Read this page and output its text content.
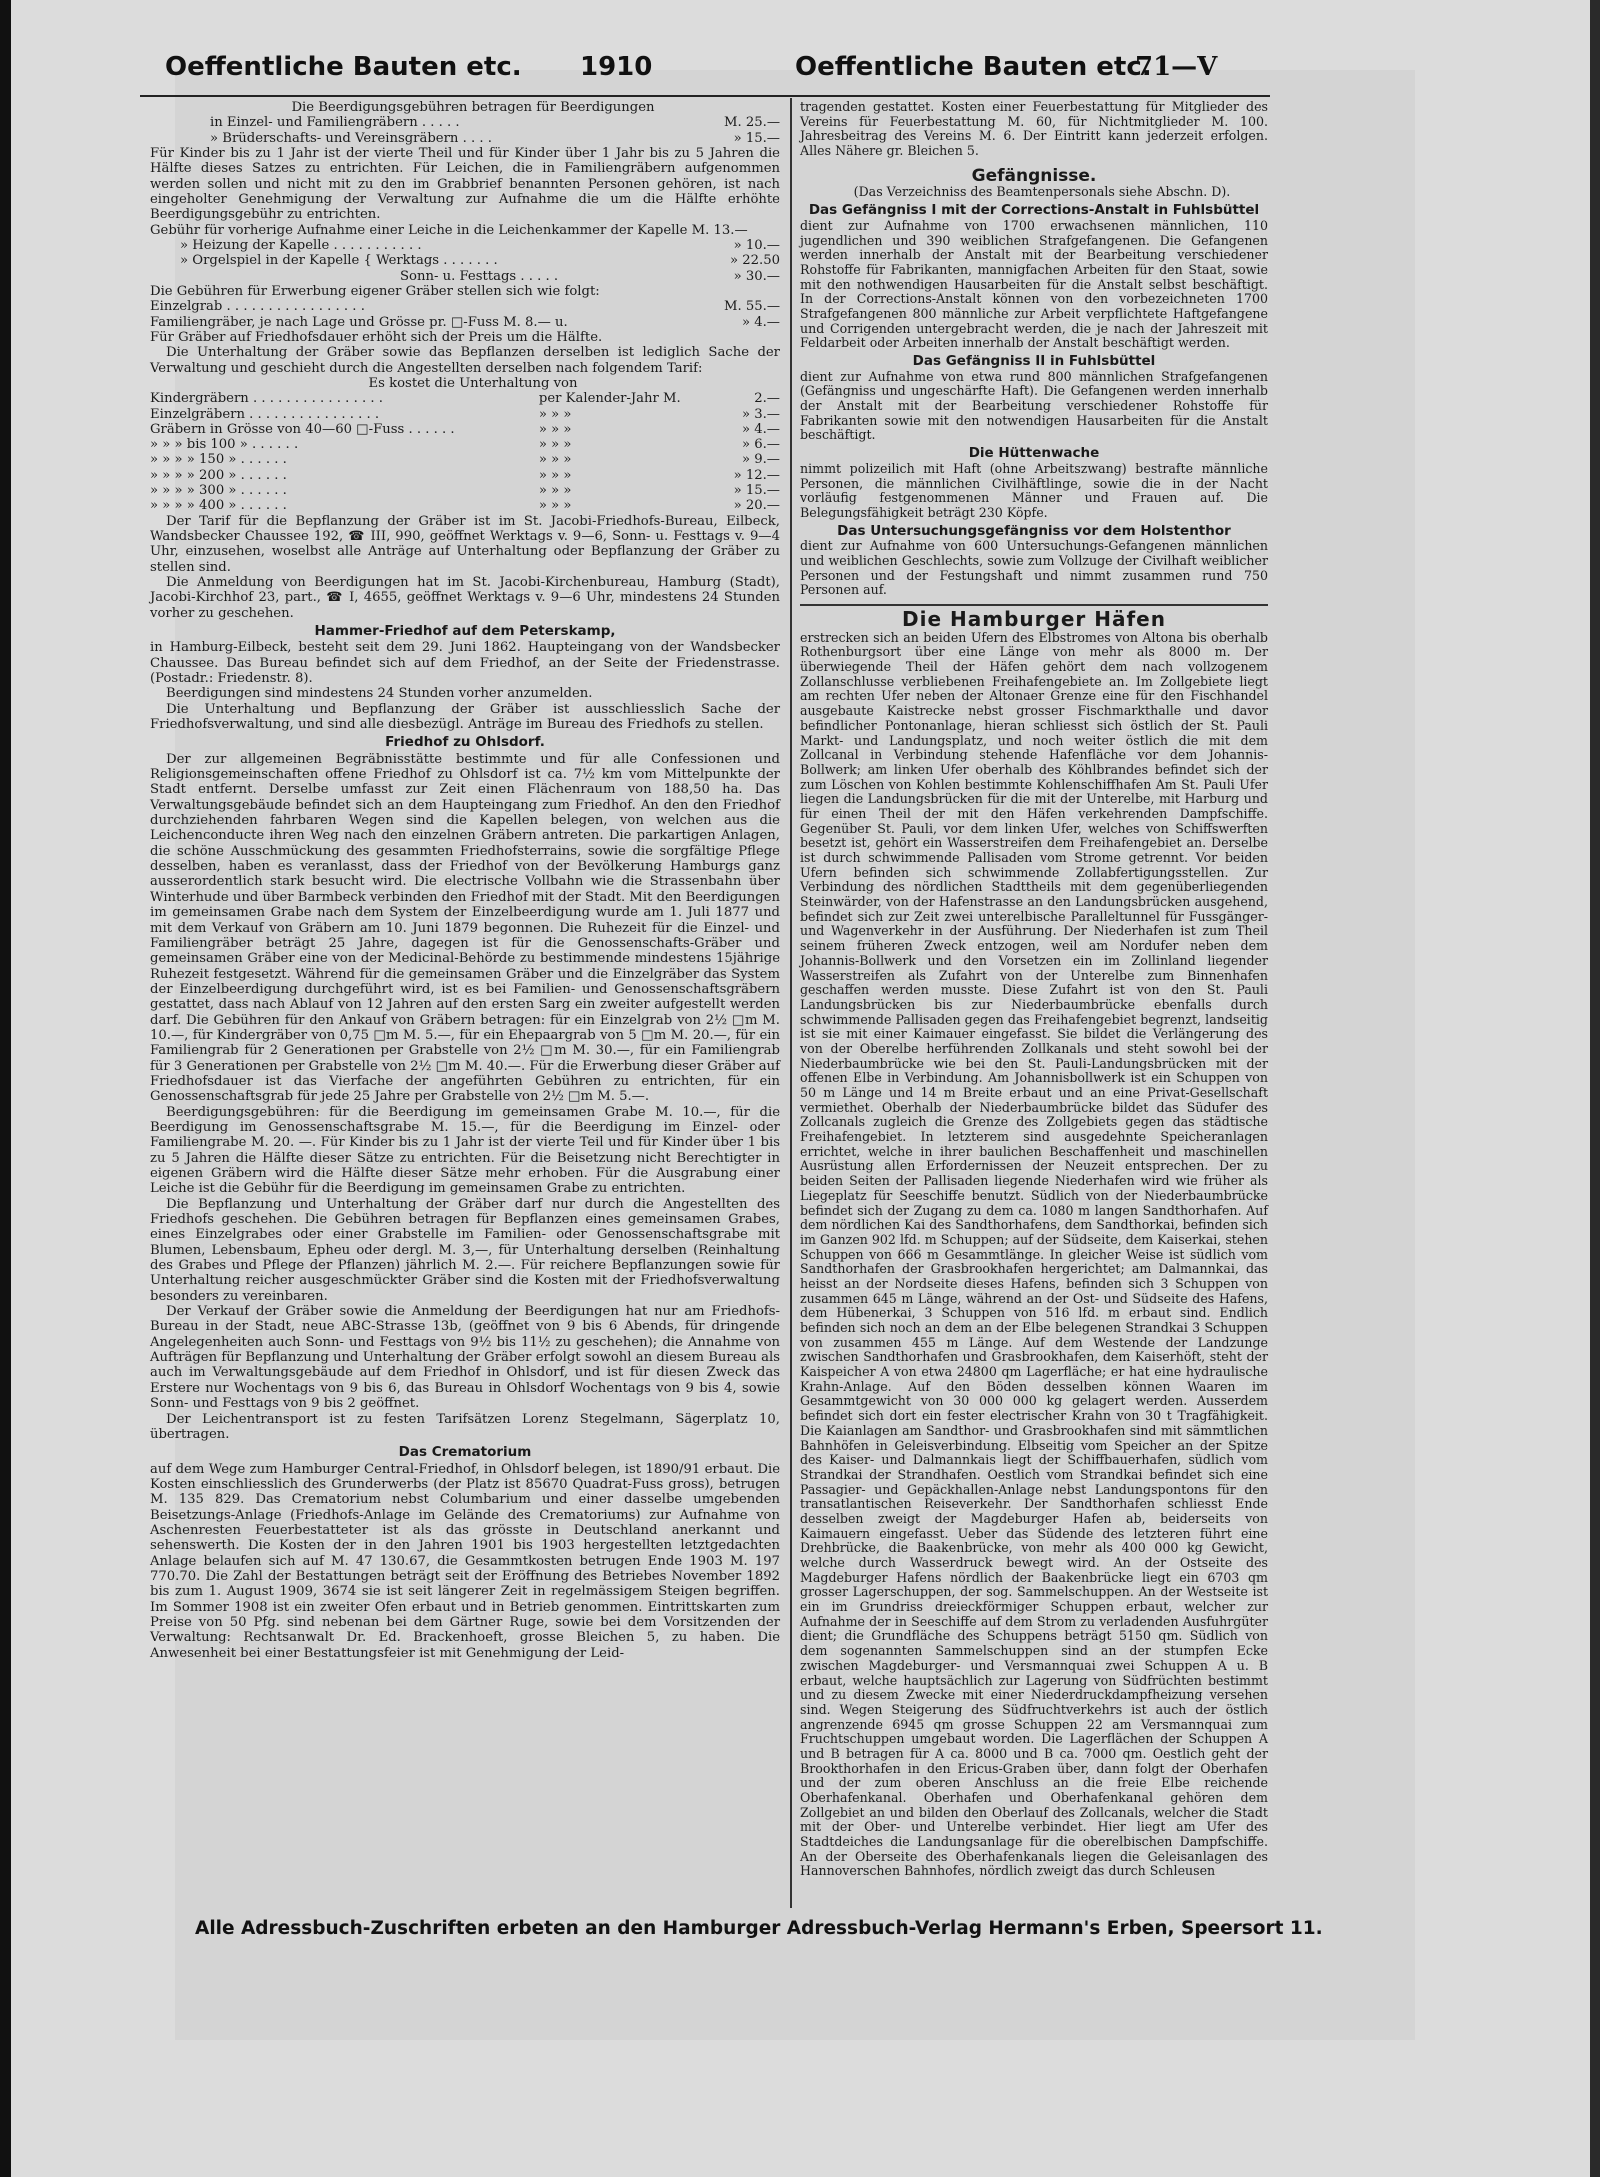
Oeffentliche Bauten etc. 1910	Oeffentliche Bauten etc.
71—V

Die Beerdigungsgebühren betragen für Beerdigungen

in Einzel- und Familiengräbern . . . . .	M. 25.—
» Brüderschafts- und Vereinsgräbern . . . .	» 15.—

Für Kinder bis zu 1 Jahr ist der vierte Theil und für Kinder über 1 Jahr bis zu 5 Jahren die Hälfte dieses Satzes zu entrichten. Für Leichen, die in Familiengräbern aufgenommen werden sollen und nicht mit zu den im Grabbrief benannten Personen gehören, ist nach eingeholter Genehmigung der Verwaltung zur Aufnahme die um die Hälfte erhöhte Beerdigungsgebühr zu entrichten.

Gebühr für vorherige Aufnahme einer Leiche in die Leichenkammer der Kapelle M. 13.—

» Heizung der Kapelle . . . . . . . . . . .	» 10.—
» Orgelspiel in der Kapelle { Werktags . . . . . . .	» 22.50
Sonn- u. Festtags . . . . .	» 30.—

Die Gebühren für Erwerbung eigener Gräber stellen sich wie folgt:

Einzelgrab . . . . . . . . . . . . . . . . .	M. 55.—
Familiengräber, je nach Lage und Grösse pr. □-Fuss M. 8.— u.	» 4.—

Für Gräber auf Friedhofsdauer erhöht sich der Preis um die Hälfte.

Die Unterhaltung der Gräber sowie das Bepflanzen derselben ist lediglich Sache der Verwaltung und geschieht durch die Angestellten derselben nach folgendem Tarif:

Es kostet die Unterhaltung von

Kindergräbern . . . . . . . . . . . . . . . .	per Kalender-Jahr M.	2.—
Einzelgräbern . . . . . . . . . . . . . . . .	» » »	» 3.—
Gräbern in Grösse von 40—60 □-Fuss . . . . . .	» » »	» 4.—
» » » bis 100 » . . . . . .	» » »	» 6.—
» » » » 150 » . . . . . .	» » »	» 9.—
» » » » 200 » . . . . . .	» » »	» 12.—
» » » » 300 » . . . . . .	» » »	» 15.—
» » » » 400 » . . . . . .	» » »	» 20.—

Der Tarif für die Bepflanzung der Gräber ist im St. Jacobi-Friedhofs-Bureau, Eilbeck, Wandsbecker Chaussee 192, ☎ III, 990, geöffnet Werktags v. 9—6, Sonn- u. Festtags v. 9—4 Uhr, einzusehen, woselbst alle Anträge auf Unterhaltung oder Bepflanzung der Gräber zu stellen sind.

Die Anmeldung von Beerdigungen hat im St. Jacobi-Kirchenbureau, Hamburg (Stadt), Jacobi-Kirchhof 23, part., ☎ I, 4655, geöffnet Werktags v. 9—6 Uhr, mindestens 24 Stunden vorher zu geschehen.

Hammer-Friedhof auf dem Peterskamp,

in Hamburg-Eilbeck, besteht seit dem 29. Juni 1862. Haupteingang von der Wandsbecker Chaussee. Das Bureau befindet sich auf dem Friedhof, an der Seite der Friedenstrasse. (Postadr.: Friedenstr. 8).

Beerdigungen sind mindestens 24 Stunden vorher anzumelden.

Die Unterhaltung und Bepflanzung der Gräber ist ausschliesslich Sache der Friedhofsverwaltung, und sind alle diesbezügl. Anträge im Bureau des Friedhofs zu stellen.

Friedhof zu Ohlsdorf.

Der zur allgemeinen Begräbnisstätte bestimmte und für alle Confessionen und Religionsgemeinschaften offene Friedhof zu Ohlsdorf ist ca. 7½ km vom Mittelpunkte der Stadt entfernt. Derselbe umfasst zur Zeit einen Flächenraum von 188,50 ha. Das Verwaltungsgebäude befindet sich an dem Haupteingang zum Friedhof. An den den Friedhof durchziehenden fahrbaren Wegen sind die Kapellen belegen, von welchen aus die Leichenconducte ihren Weg nach den einzelnen Gräbern antreten. Die parkartigen Anlagen, die schöne Ausschmückung des gesammten Friedhofsterrains, sowie die sorgfältige Pflege desselben, haben es veranlasst, dass der Friedhof von der Bevölkerung Hamburgs ganz ausserordentlich stark besucht wird. Die electrische Vollbahn wie die Strassenbahn über Winterhude und über Barmbeck verbinden den Friedhof mit der Stadt. Mit den Beerdigungen im gemeinsamen Grabe nach dem System der Einzelbeerdigung wurde am 1. Juli 1877 und mit dem Verkauf von Gräbern am 10. Juni 1879 begonnen. Die Ruhezeit für die Einzel- und Familiengräber beträgt 25 Jahre, dagegen ist für die Genossenschafts-Gräber und gemeinsamen Gräber eine von der Medicinal-Behörde zu bestimmende mindestens 15jährige Ruhezeit festgesetzt. Während für die gemeinsamen Gräber und die Einzelgräber das System der Einzelbeerdigung durchgeführt wird, ist es bei Familien- und Genossenschaftsgräbern gestattet, dass nach Ablauf von 12 Jahren auf den ersten Sarg ein zweiter aufgestellt werden darf. Die Gebühren für den Ankauf von Gräbern betragen: für ein Einzelgrab von 2½ □m M. 10.—, für Kindergräber von 0,75 □m M. 5.—, für ein Ehepaargrab von 5 □m M. 20.—, für ein Familiengrab für 2 Generationen per Grabstelle von 2½ □m M. 30.—, für ein Familiengrab für 3 Generationen per Grabstelle von 2½ □m M. 40.—. Für die Erwerbung dieser Gräber auf Friedhofsdauer ist das Vierfache der angeführten Gebühren zu entrichten, für ein Genossenschaftsgrab für jede 25 Jahre per Grabstelle von 2½ □m M. 5.—.

Beerdigungsgebühren: für die Beerdigung im gemeinsamen Grabe M. 10.—, für die Beerdigung im Genossenschaftsgrabe M. 15.—, für die Beerdigung im Einzel- oder Familiengrabe M. 20. —. Für Kinder bis zu 1 Jahr ist der vierte Teil und für Kinder über 1 bis zu 5 Jahren die Hälfte dieser Sätze zu entrichten. Für die Beisetzung nicht Berechtigter in eigenen Gräbern wird die Hälfte dieser Sätze mehr erhoben. Für die Ausgrabung einer Leiche ist die Gebühr für die Beerdigung im gemeinsamen Grabe zu entrichten.

Die Bepflanzung und Unterhaltung der Gräber darf nur durch die Angestellten des Friedhofs geschehen. Die Gebühren betragen für Bepflanzen eines gemeinsamen Grabes, eines Einzelgrabes oder einer Grabstelle im Familien- oder Genossenschaftsgrabe mit Blumen, Lebensbaum, Epheu oder dergl. M. 3,—, für Unterhaltung derselben (Reinhaltung des Grabes und Pflege der Pflanzen) jährlich M. 2.—. Für reichere Bepflanzungen sowie für Unterhaltung reicher ausgeschmückter Gräber sind die Kosten mit der Friedhofsverwaltung besonders zu vereinbaren.

Der Verkauf der Gräber sowie die Anmeldung der Beerdigungen hat nur am Friedhofs-Bureau in der Stadt, neue ABC-Strasse 13b, (geöffnet von 9 bis 6 Abends, für dringende Angelegenheiten auch Sonn- und Festtags von 9½ bis 11½ zu geschehen); die Annahme von Aufträgen für Bepflanzung und Unterhaltung der Gräber erfolgt sowohl an diesem Bureau als auch im Verwaltungsgebäude auf dem Friedhof in Ohlsdorf, und ist für diesen Zweck das Erstere nur Wochentags von 9 bis 6, das Bureau in Ohlsdorf Wochentags von 9 bis 4, sowie Sonn- und Festtags von 9 bis 2 geöffnet.

Der Leichentransport ist zu festen Tarifsätzen Lorenz Stegelmann, Sägerplatz 10, übertragen.

Das Crematorium

auf dem Wege zum Hamburger Central-Friedhof, in Ohlsdorf belegen, ist 1890/91 erbaut. Die Kosten einschliesslich des Grunderwerbs (der Platz ist 85670 Quadrat-Fuss gross), betrugen M. 135 829. Das Crematorium nebst Columbarium und einer dasselbe umgebenden Beisetzungs-Anlage (Friedhofs-Anlage im Gelände des Crematoriums) zur Aufnahme von Aschenresten Feuerbestatteter ist als das grösste in Deutschland anerkannt und sehenswerth. Die Kosten der in den Jahren 1901 bis 1903 hergestellten letztgedachten Anlage belaufen sich auf M. 47 130.67, die Gesammtkosten betrugen Ende 1903 M. 197 770.70. Die Zahl der Bestattungen beträgt seit der Eröffnung des Betriebes November 1892 bis zum 1. August 1909, 3674 sie ist seit längerer Zeit in regelmässigem Steigen begriffen. Im Sommer 1908 ist ein zweiter Ofen erbaut und in Betrieb genommen. Eintrittskarten zum Preise von 50 Pfg. sind nebenan bei dem Gärtner Ruge, sowie bei dem Vorsitzenden der Verwaltung: Rechtsanwalt Dr. Ed. Brackenhoeft, grosse Bleichen 5, zu haben. Die Anwesenheit bei einer Bestattungsfeier ist mit Genehmigung der Leid-

tragenden gestattet. Kosten einer Feuerbestattung für Mitglieder des Vereins für Feuerbestattung M. 60, für Nichtmitglieder M. 100. Jahresbeitrag des Vereins M. 6. Der Eintritt kann jederzeit erfolgen. Alles Nähere gr. Bleichen 5.

Gefängnisse.

(Das Verzeichniss des Beamtenpersonals siehe Abschn. D).

Das Gefängniss I mit der Corrections-Anstalt in Fuhlsbüttel

dient zur Aufnahme von 1700 erwachsenen männlichen, 110 jugendlichen und 390 weiblichen Strafgefangenen. Die Gefangenen werden innerhalb der Anstalt mit der Bearbeitung verschiedener Rohstoffe für Fabrikanten, mannigfachen Arbeiten für den Staat, sowie mit den nothwendigen Hausarbeiten für die Anstalt selbst beschäftigt. In der Corrections-Anstalt können von den vorbezeichneten 1700 Strafgefangenen 800 männliche zur Arbeit verpflichtete Haftgefangene und Corrigenden untergebracht werden, die je nach der Jahreszeit mit Feldarbeit oder Arbeiten innerhalb der Anstalt beschäftigt werden.

Das Gefängniss II in Fuhlsbüttel

dient zur Aufnahme von etwa rund 800 männlichen Strafgefangenen (Gefängniss und ungeschärfte Haft). Die Gefangenen werden innerhalb der Anstalt mit der Bearbeitung verschiedener Rohstoffe für Fabrikanten sowie mit den notwendigen Hausarbeiten für die Anstalt beschäftigt.

Die Hüttenwache

nimmt polizeilich mit Haft (ohne Arbeitszwang) bestrafte männliche Personen, die männlichen Civilhäftlinge, sowie die in der Nacht vorläufig festgenommenen Männer und Frauen auf. Die Belegungsfähigkeit beträgt 230 Köpfe.

Das Untersuchungsgefängniss vor dem Holstenthor

dient zur Aufnahme von 600 Untersuchungs-Gefangenen männlichen und weiblichen Geschlechts, sowie zum Vollzuge der Civilhaft weiblicher Personen und der Festungshaft und nimmt zusammen rund 750 Personen auf.

Die Hamburger Häfen

erstrecken sich an beiden Ufern des Elbstromes von Altona bis oberhalb Rothenburgsort über eine Länge von mehr als 8000 m. Der überwiegende Theil der Häfen gehört dem nach vollzogenem Zollanschlusse verbliebenen Freihafengebiete an. Im Zollgebiete liegt am rechten Ufer neben der Altonaer Grenze eine für den Fischhandel ausgebaute Kaistrecke nebst grosser Fischmarkthalle und davor befindlicher Pontonanlage, hieran schliesst sich östlich der St. Pauli Markt- und Landungsplatz, und noch weiter östlich die mit dem Zollcanal in Verbindung stehende Hafenfläche vor dem Johannis-Bollwerk; am linken Ufer oberhalb des Köhlbrandes befindet sich der zum Löschen von Kohlen bestimmte Kohlenschiffhafen Am St. Pauli Ufer liegen die Landungsbrücken für die mit der Unterelbe, mit Harburg und für einen Theil der mit den Häfen verkehrenden Dampfschiffe. Gegenüber St. Pauli, vor dem linken Ufer, welches von Schiffswerften besetzt ist, gehört ein Wasserstreifen dem Freihafengebiet an. Derselbe ist durch schwimmende Pallisaden vom Strome getrennt. Vor beiden Ufern befinden sich schwimmende Zollabfertigungsstellen. Zur Verbindung des nördlichen Stadttheils mit dem gegenüberliegenden Steinwärder, von der Hafenstrasse an den Landungsbrücken ausgehend, befindet sich zur Zeit zwei unterelbische Paralleltunnel für Fussgänger- und Wagenverkehr in der Ausführung. Der Niederhafen ist zum Theil seinem früheren Zweck entzogen, weil am Nordufer neben dem Johannis-Bollwerk und den Vorsetzen ein im Zollinland liegender Wasserstreifen als Zufahrt von der Unterelbe zum Binnenhafen geschaffen werden musste. Diese Zufahrt ist von den St. Pauli Landungsbrücken bis zur Niederbaumbrücke ebenfalls durch schwimmende Pallisaden gegen das Freihafengebiet begrenzt, landseitig ist sie mit einer Kaimauer eingefasst. Sie bildet die Verlängerung des von der Oberelbe herführenden Zollkanals und steht sowohl bei der Niederbaumbrücke wie bei den St. Pauli-Landungsbrücken mit der offenen Elbe in Verbindung. Am Johannisbollwerk ist ein Schuppen von 50 m Länge und 14 m Breite erbaut und an eine Privat-Gesellschaft vermiethet. Oberhalb der Niederbaumbrücke bildet das Südufer des Zollcanals zugleich die Grenze des Zollgebiets gegen das städtische Freihafengebiet. In letzterem sind ausgedehnte Speicheranlagen errichtet, welche in ihrer baulichen Beschaffenheit und maschinellen Ausrüstung allen Erfordernissen der Neuzeit entsprechen. Der zu beiden Seiten der Pallisaden liegende Niederhafen wird wie früher als Liegeplatz für Seeschiffe benutzt. Südlich von der Niederbaumbrücke befindet sich der Zugang zu dem ca. 1080 m langen Sandthorhafen. Auf dem nördlichen Kai des Sandthorhafens, dem Sandthorkai, befinden sich im Ganzen 902 lfd. m Schuppen; auf der Südseite, dem Kaiserkai, stehen Schuppen von 666 m Gesammtlänge. In gleicher Weise ist südlich vom Sandthorhafen der Grasbrookhafen hergerichtet; am Dalmannkai, das heisst an der Nordseite dieses Hafens, befinden sich 3 Schuppen von zusammen 645 m Länge, während an der Ost- und Südseite des Hafens, dem Hübenerkai, 3 Schuppen von 516 lfd. m erbaut sind. Endlich befinden sich noch an dem an der Elbe belegenen Strandkai 3 Schuppen von zusammen 455 m Länge. Auf dem Westende der Landzunge zwischen Sandthorhafen und Grasbrookhafen, dem Kaiserhöft, steht der Kaispeicher A von etwa 24800 qm Lagerfläche; er hat eine hydraulische Krahn-Anlage. Auf den Böden desselben können Waaren im Gesammtgewicht von 30 000 000 kg gelagert werden. Ausserdem befindet sich dort ein fester electrischer Krahn von 30 t Tragfähigkeit. Die Kaianlagen am Sandthor- und Grasbrookhafen sind mit sämmtlichen Bahnhöfen in Geleisverbindung. Elbseitig vom Speicher an der Spitze des Kaiser- und Dalmannkais liegt der Schiffbauerhafen, südlich vom Strandkai der Strandhafen. Oestlich vom Strandkai befindet sich eine Passagier- und Gepäckhallen-Anlage nebst Landungspontons für den transatlantischen Reiseverkehr. Der Sandthorhafen schliesst Ende desselben zweigt der Magdeburger Hafen ab, beiderseits von Kaimauern eingefasst. Ueber das Südende des letzteren führt eine Drehbrücke, die Baakenbrücke, von mehr als 400 000 kg Gewicht, welche durch Wasserdruck bewegt wird. An der Ostseite des Magdeburger Hafens nördlich der Baakenbrücke liegt ein 6703 qm grosser Lagerschuppen, der sog. Sammelschuppen. An der Westseite ist ein im Grundriss dreieckförmiger Schuppen erbaut, welcher zur Aufnahme der in Seeschiffe auf dem Strom zu verladenden Ausfuhrgüter dient; die Grundfläche des Schuppens beträgt 5150 qm. Südlich von dem sogenannten Sammelschuppen sind an der stumpfen Ecke zwischen Magdeburger- und Versmannquai zwei Schuppen A u. B erbaut, welche hauptsächlich zur Lagerung von Südfrüchten bestimmt und zu diesem Zwecke mit einer Niederdruckdampfheizung versehen sind. Wegen Steigerung des Südfruchtverkehrs ist auch der östlich angrenzende 6945 qm grosse Schuppen 22 am Versmannquai zum Fruchtschuppen umgebaut worden. Die Lagerflächen der Schuppen A und B betragen für A ca. 8000 und B ca. 7000 qm. Oestlich geht der Brookthorhafen in den Ericus-Graben über, dann folgt der Oberhafen und der zum oberen Anschluss an die freie Elbe reichende Oberhafenkanal. Oberhafen und Oberhafenkanal gehören dem Zollgebiet an und bilden den Oberlauf des Zollcanals, welcher die Stadt mit der Ober- und Unterelbe verbindet. Hier liegt am Ufer des Stadtdeiches die Landungsanlage für die oberelbischen Dampfschiffe. An der Oberseite des Oberhafenkanals liegen die Geleisanlagen des Hannoverschen Bahnhofes, nördlich zweigt das durch Schleusen

Alle Adressbuch-Zuschriften erbeten an den Hamburger Adressbuch-Verlag Hermann's Erben, Speersort 11.
